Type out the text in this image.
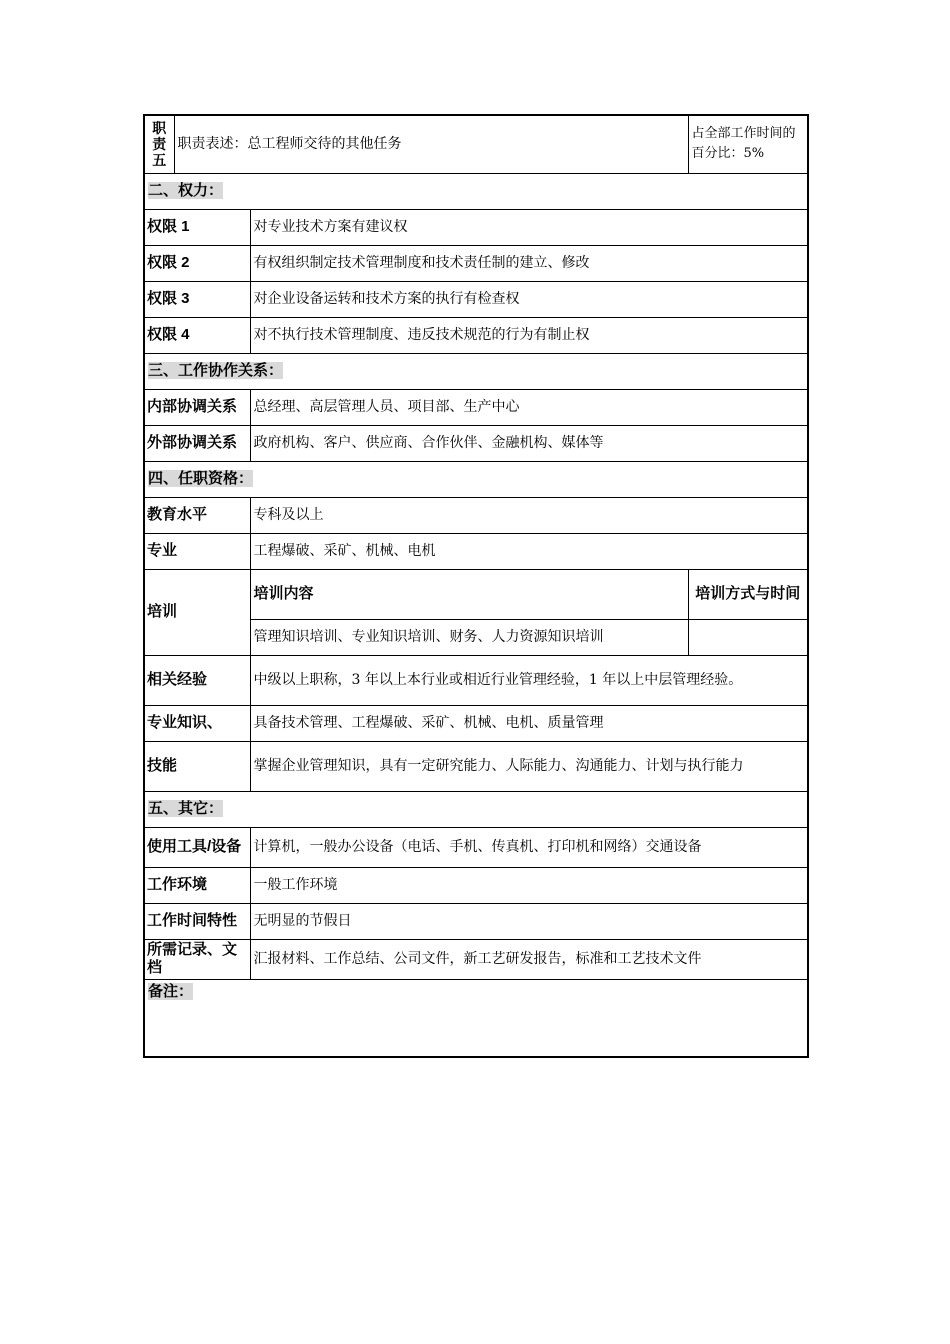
职责五	职责表述：总工程师交待的其他任务		占全部工作时间的百分比：5%
二、权力：			
权限 1		对专业技术方案有建议权	
权限 2		有权组织制定技术管理制度和技术责任制的建立、修改	
权限 3		对企业设备运转和技术方案的执行有检查权	
权限 4		对不执行技术管理制度、违反技术规范的行为有制止权	
三、工作协作关系：			
内部协调关系		总经理、高层管理人员、项目部、生产中心	
外部协调关系		政府机构、客户、供应商、合作伙伴、金融机构、媒体等	
四、任职资格：			
教育水平		专科及以上	
专业		工程爆破、采矿、机械、电机	
培训		培训内容	培训方式与时间
		管理知识培训、专业知识培训、财务、人力资源知识培训	
相关经验		中级以上职称，3 年以上本行业或相近行业管理经验，1 年以上中层管理经验。	
专业知识、		具备技术管理、工程爆破、采矿、机械、电机、质量管理	
技能		掌握企业管理知识，具有一定研究能力、人际能力、沟通能力、计划与执行能力	
五、其它：			
使用工具/设备		计算机，一般办公设备（电话、手机、传真机、打印机和网络）交通设备	
工作环境		一般工作环境	
工作时间特性		无明显的节假日	
所需记录、文档		汇报材料、工作总结、公司文件，新工艺研发报告，标准和工艺技术文件	
备注：			
